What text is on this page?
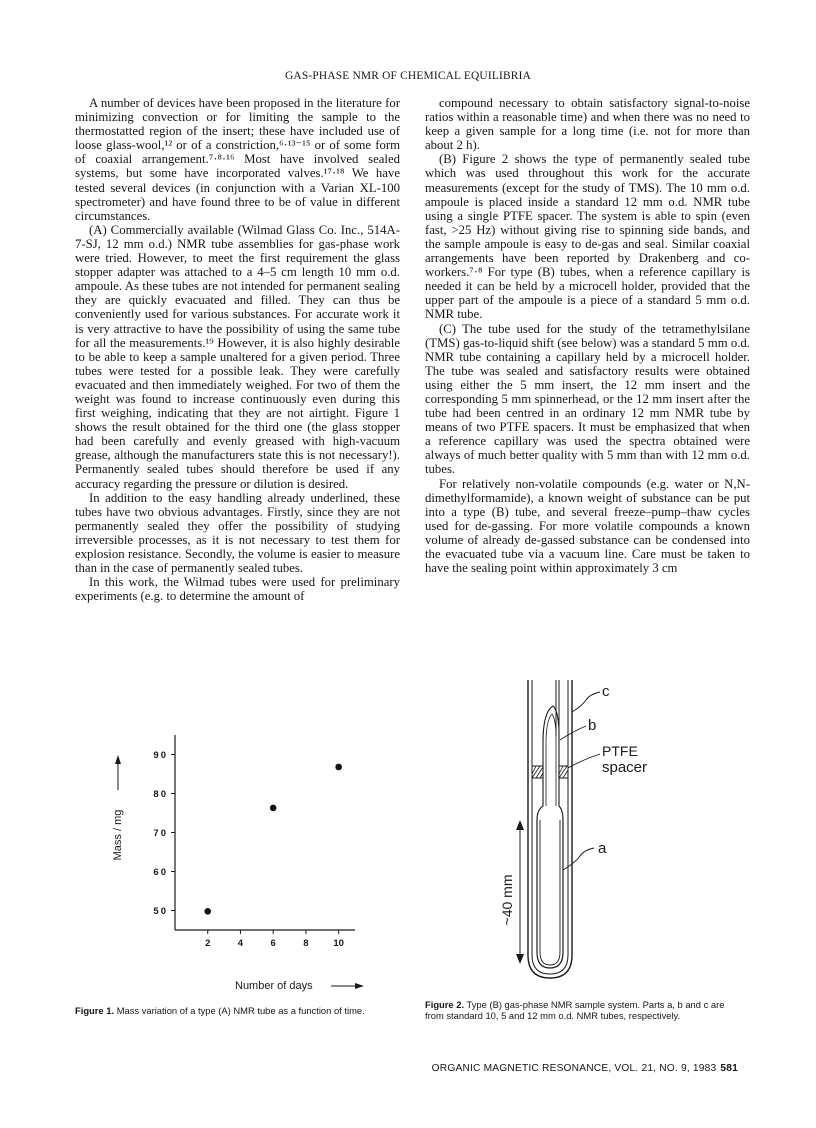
GAS-PHASE NMR OF CHEMICAL EQUILIBRIA

A number of devices have been proposed in the literature for minimizing convection or for limiting the sample to the thermostatted region of the insert; these have included use of loose glass-wool,¹² or of a constriction,⁶·¹³⁻¹⁵ or of some form of coaxial arrangement.⁷·⁸·¹⁶ Most have involved sealed systems, but some have incorporated valves.¹⁷·¹⁸ We have tested several devices (in conjunction with a Varian XL-100 spectrometer) and have found three to be of value in different circumstances.

(A) Commercially available (Wilmad Glass Co. Inc., 514A-7-SJ, 12 mm o.d.) NMR tube assemblies for gas-phase work were tried. However, to meet the first requirement the glass stopper adapter was attached to a 4–5 cm length 10 mm o.d. ampoule. As these tubes are not intended for permanent sealing they are quickly evacuated and filled. They can thus be conveniently used for various substances. For accurate work it is very attractive to have the possibility of using the same tube for all the measurements.¹⁹ However, it is also highly desirable to be able to keep a sample unaltered for a given period. Three tubes were tested for a possible leak. They were carefully evacuated and then immediately weighed. For two of them the weight was found to increase continuously even during this first weighing, indicating that they are not airtight. Figure 1 shows the result obtained for the third one (the glass stopper had been carefully and evenly greased with high-vacuum grease, although the manufacturers state this is not necessary!). Permanently sealed tubes should therefore be used if any accuracy regarding the pressure or dilution is desired.

In addition to the easy handling already underlined, these tubes have two obvious advantages. Firstly, since they are not permanently sealed they offer the possibility of studying irreversible processes, as it is not necessary to test them for explosion resistance. Secondly, the volume is easier to measure than in the case of permanently sealed tubes.

In this work, the Wilmad tubes were used for preliminary experiments (e.g. to determine the amount of

compound necessary to obtain satisfactory signal-to-noise ratios within a reasonable time) and when there was no need to keep a given sample for a long time (i.e. not for more than about 2 h).

(B) Figure 2 shows the type of permanently sealed tube which was used throughout this work for the accurate measurements (except for the study of TMS). The 10 mm o.d. ampoule is placed inside a standard 12 mm o.d. NMR tube using a single PTFE spacer. The system is able to spin (even fast, >25 Hz) without giving rise to spinning side bands, and the sample ampoule is easy to de-gas and seal. Similar coaxial arrangements have been reported by Drakenberg and co-workers.⁷·⁸ For type (B) tubes, when a reference capillary is needed it can be held by a microcell holder, provided that the upper part of the ampoule is a piece of a standard 5 mm o.d. NMR tube.

(C) The tube used for the study of the tetramethylsilane (TMS) gas-to-liquid shift (see below) was a standard 5 mm o.d. NMR tube containing a capillary held by a microcell holder. The tube was sealed and satisfactory results were obtained using either the 5 mm insert, the 12 mm insert and the corresponding 5 mm spinnerhead, or the 12 mm insert after the tube had been centred in an ordinary 12 mm NMR tube by means of two PTFE spacers. It must be emphasized that when a reference capillary was used the spectra obtained were always of much better quality with 5 mm than with 12 mm o.d. tubes.

For relatively non-volatile compounds (e.g. water or N,N-dimethylformamide), a known weight of substance can be put into a type (B) tube, and several freeze–pump–thaw cycles used for de-gassing. For more volatile compounds a known volume of already de-gassed substance can be condensed into the evacuated tube via a vacuum line. Care must be taken to have the sealing point within approximately 3 cm

50
60
70
80
90
2	4	6	8	10
Mass / mg
Number of days
Figure 1. Mass variation of a type (A) NMR tube as a function of time.
c
b
PTFE
spacer
a
~40 mm
Figure 2. Type (B) gas-phase NMR sample system. Parts a, b and c are from standard 10, 5 and 12 mm o.d. NMR tubes, respectively.
ORGANIC MAGNETIC RESONANCE, VOL. 21, NO. 9, 1983 581
